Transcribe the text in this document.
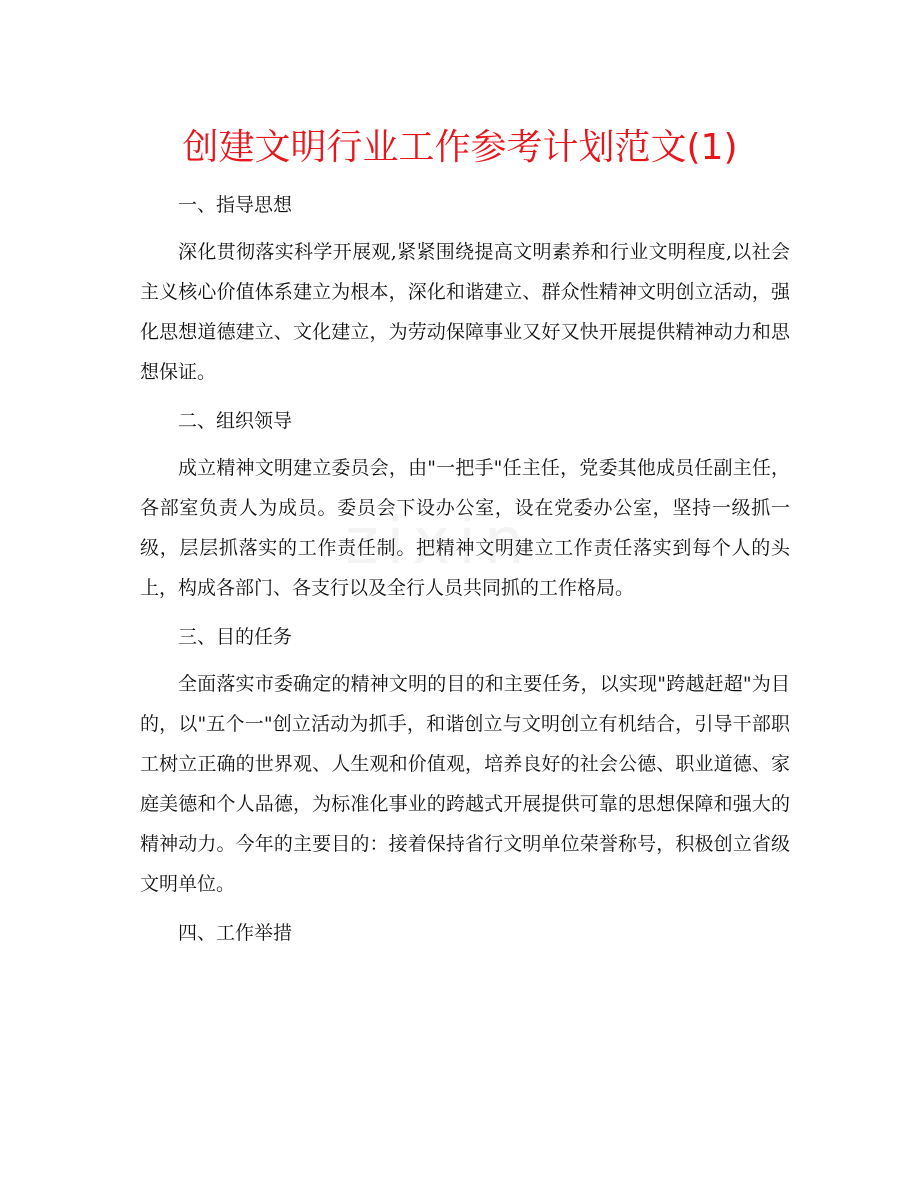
创建文明行业工作参考计划范文(1)
zixin
一、指导思想

深化贯彻落实科学开展观,紧紧围绕提高文明素养和行业文明程度,以社会主义核心价值体系建立为根本，深化和谐建立、群众性精神文明创立活动，强化思想道德建立、文化建立，为劳动保障事业又好又快开展提供精神动力和思想保证。

二、组织领导

成立精神文明建立委员会，由"一把手"任主任，党委其他成员任副主任，各部室负责人为成员。委员会下设办公室，设在党委办公室，坚持一级抓一级，层层抓落实的工作责任制。把精神文明建立工作责任落实到每个人的头上，构成各部门、各支行以及全行人员共同抓的工作格局。

三、目的任务

全面落实市委确定的精神文明的目的和主要任务，以实现"跨越赶超"为目的，以"五个一"创立活动为抓手，和谐创立与文明创立有机结合，引导干部职工树立正确的世界观、人生观和价值观，培养良好的社会公德、职业道德、家庭美德和个人品德，为标准化事业的跨越式开展提供可靠的思想保障和强大的精神动力。今年的主要目的：接着保持省行文明单位荣誉称号，积极创立省级文明单位。

四、工作举措
